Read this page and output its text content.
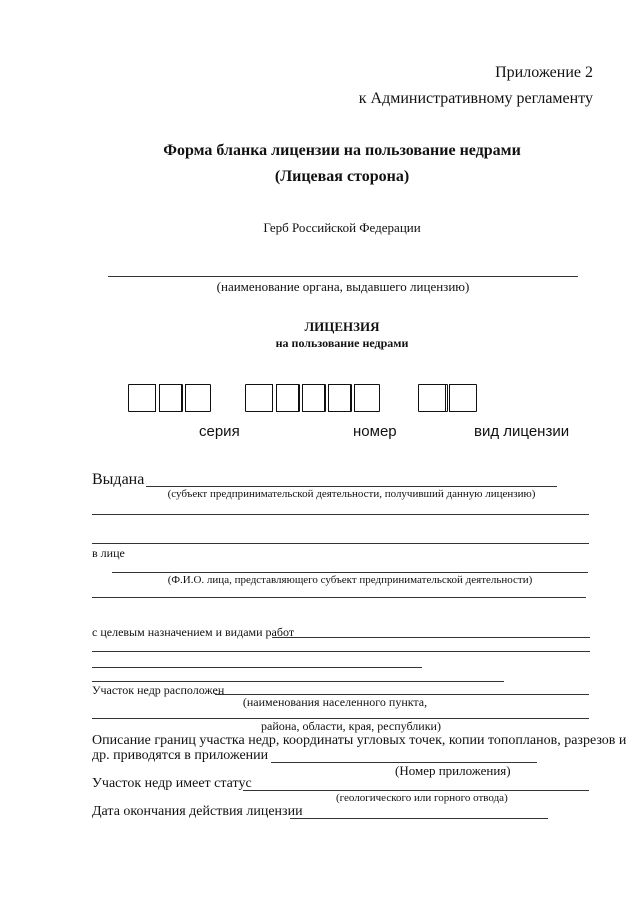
Приложение 2
к Административному регламенту
Форма бланка лицензии на пользование недрами
(Лицевая сторона)
Герб Российской Федерации
(наименование органа, выдавшего лицензию)
ЛИЦЕНЗИЯ
на пользование недрами
серия	номер	вид лицензии
Выдана
(субъект предпринимательской деятельности, получивший данную лицензию)
в лице
(Ф.И.О. лица, представляющего субъект предпринимательской деятельности)
с целевым назначением и видами работ
Участок недр расположен
(наименования населенного пункта,
района, области, края, республики)
Описание границ участка недр, координаты угловых точек, копии топопланов, разрезов и
др. приводятся в приложении
(Номер приложения)
Участок недр имеет статус
(геологического или горного отвода)
Дата окончания действия лицензии
